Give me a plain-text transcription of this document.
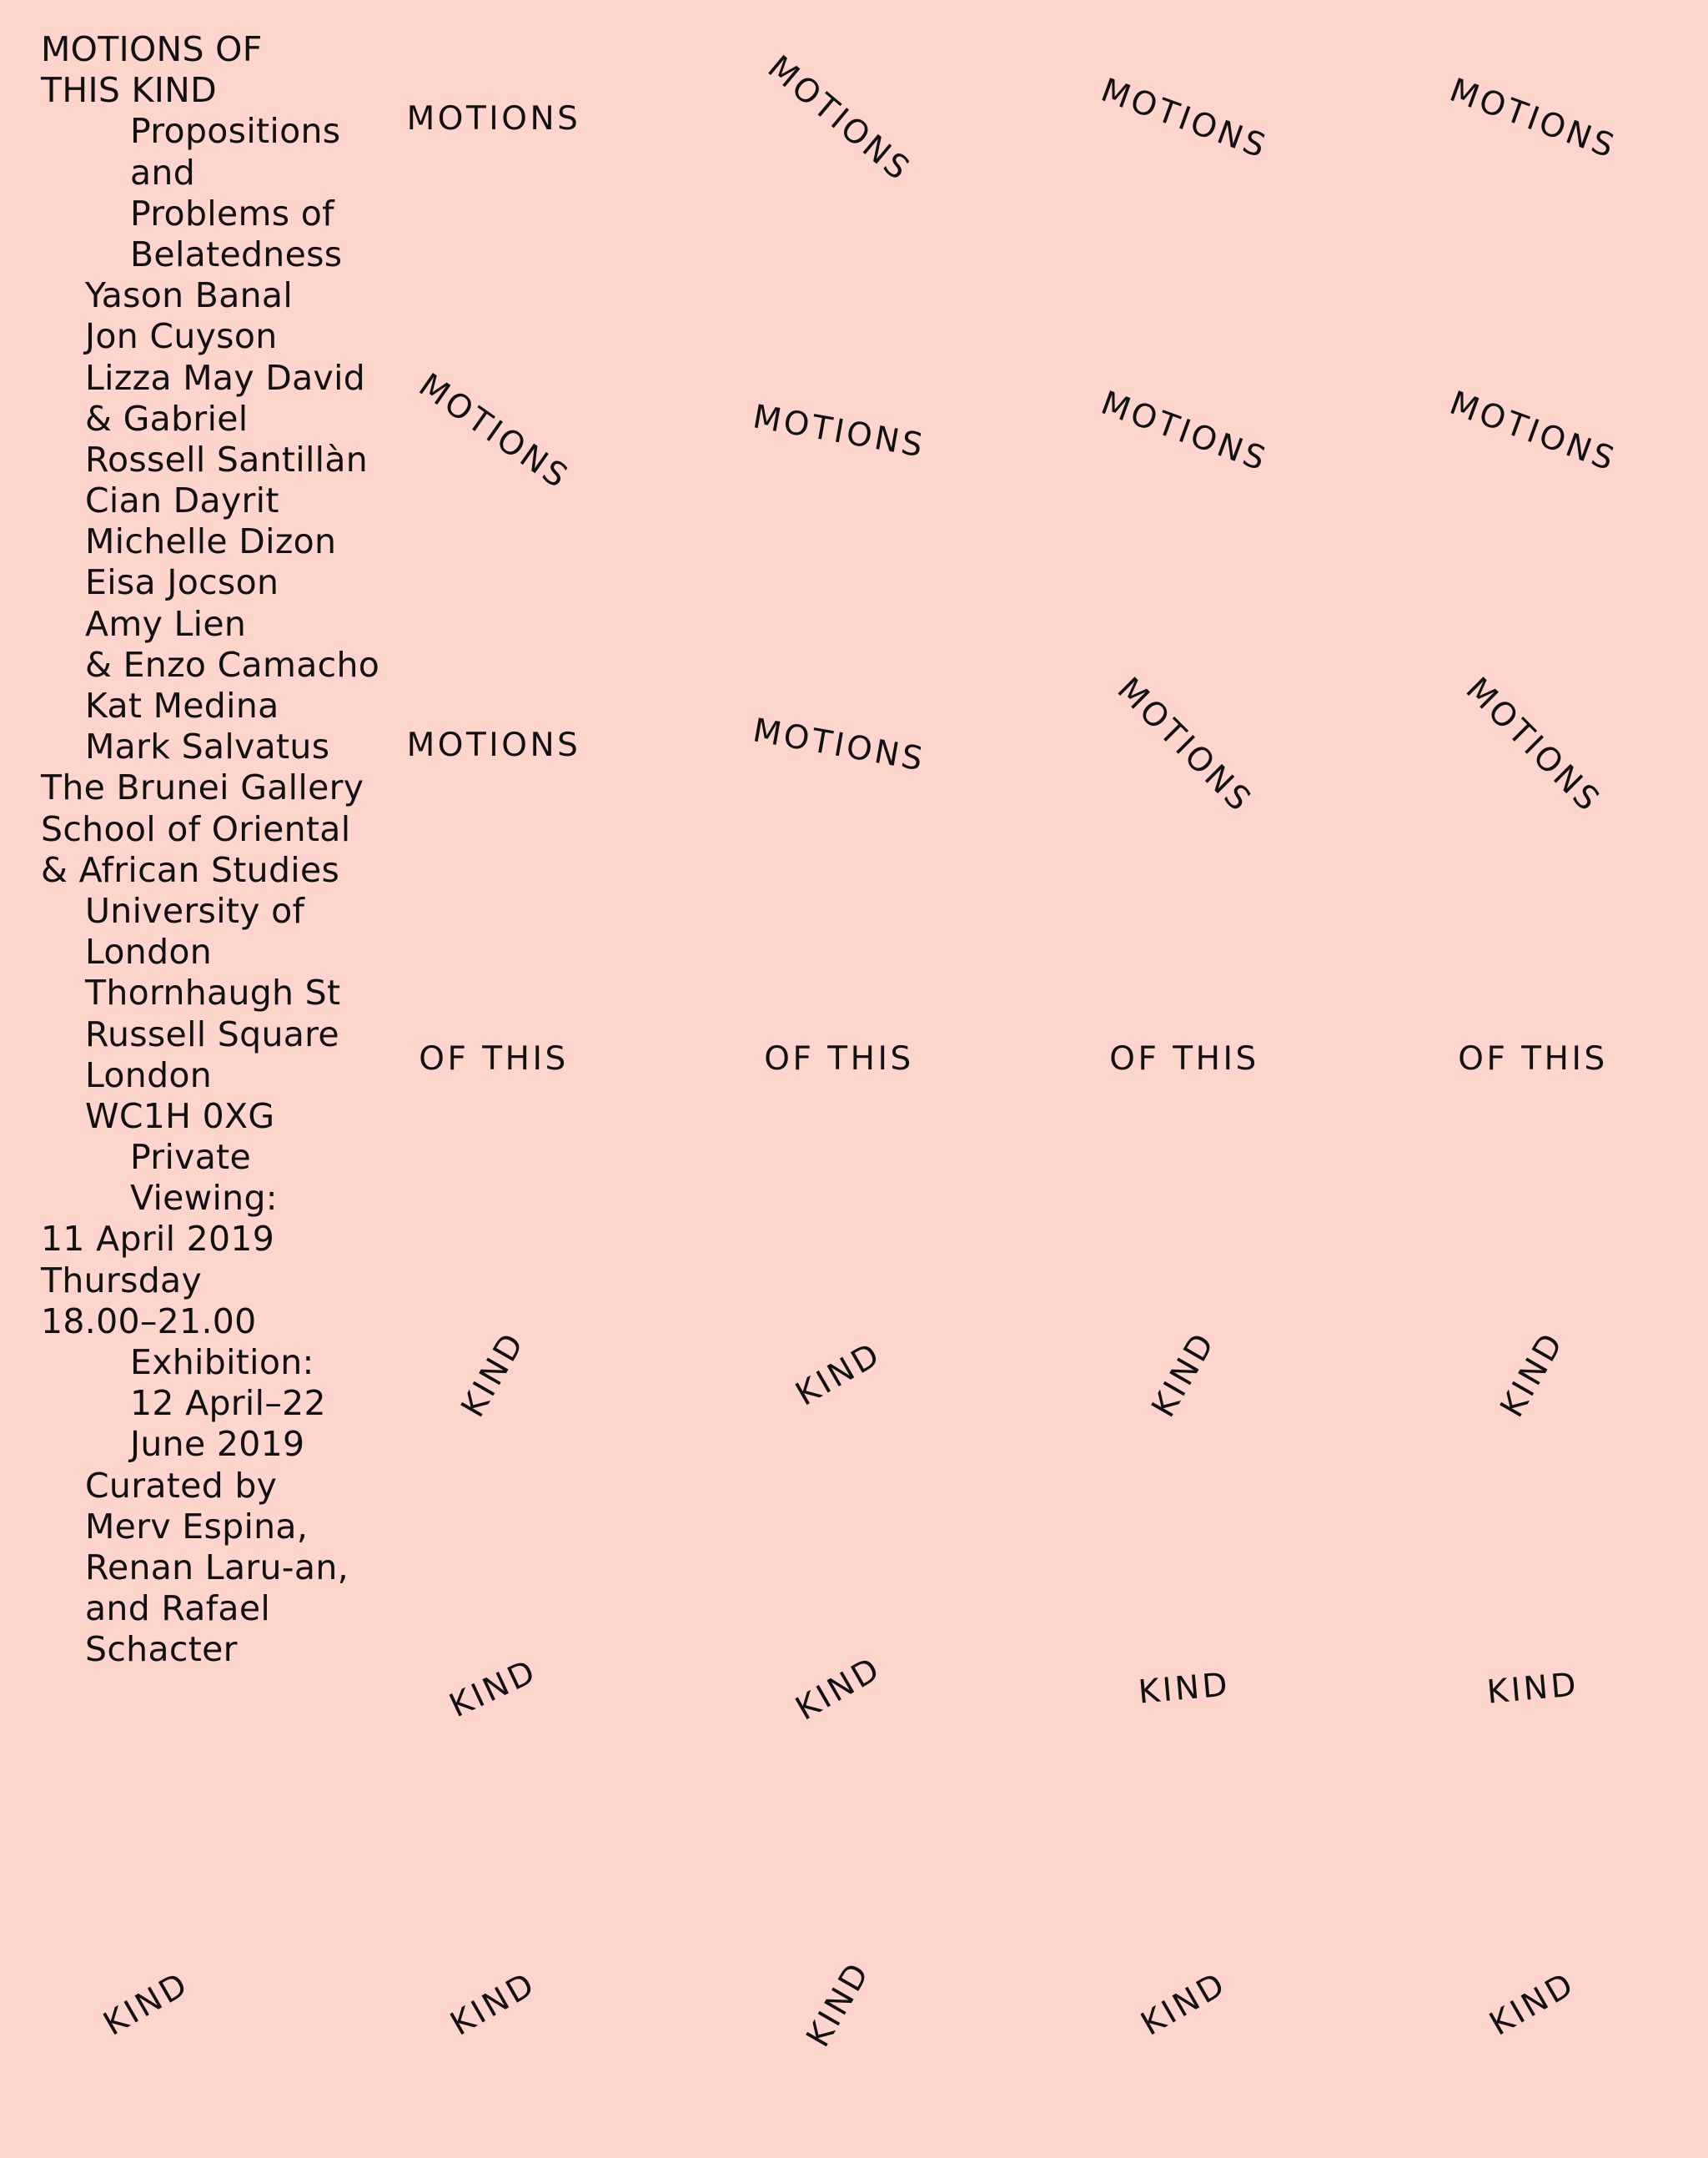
MOTIONS OF
THIS KIND
Propositions
and
Problems of
Belatedness
Yason Banal
Jon Cuyson
Lizza May David
& Gabriel
Rossell Santillàn
Cian Dayrit
Michelle Dizon
Eisa Jocson
Amy Lien
& Enzo Camacho
Kat Medina
Mark Salvatus
The Brunei Gallery
School of Oriental
& African Studies
University of
London
Thornhaugh St
Russell Square
London
WC1H 0XG
Private
Viewing:
11 April 2019
Thursday
18.00–21.00
Exhibition:
12 April–22
June 2019
Curated by
Merv Espina,
Renan Laru-an,
and Rafael
Schacter
MOTIONS	MOTIONS	MOTIONS	MOTIONS
MOTIONS	MOTIONS	MOTIONS	MOTIONS
MOTIONS	MOTIONS	MOTIONS	MOTIONS
OF THIS	OF THIS	OF THIS	OF THIS
KIND	KIND	KIND	KIND
KIND	KIND	KIND	KIND
KIND	KIND	KIND	KIND	KIND
